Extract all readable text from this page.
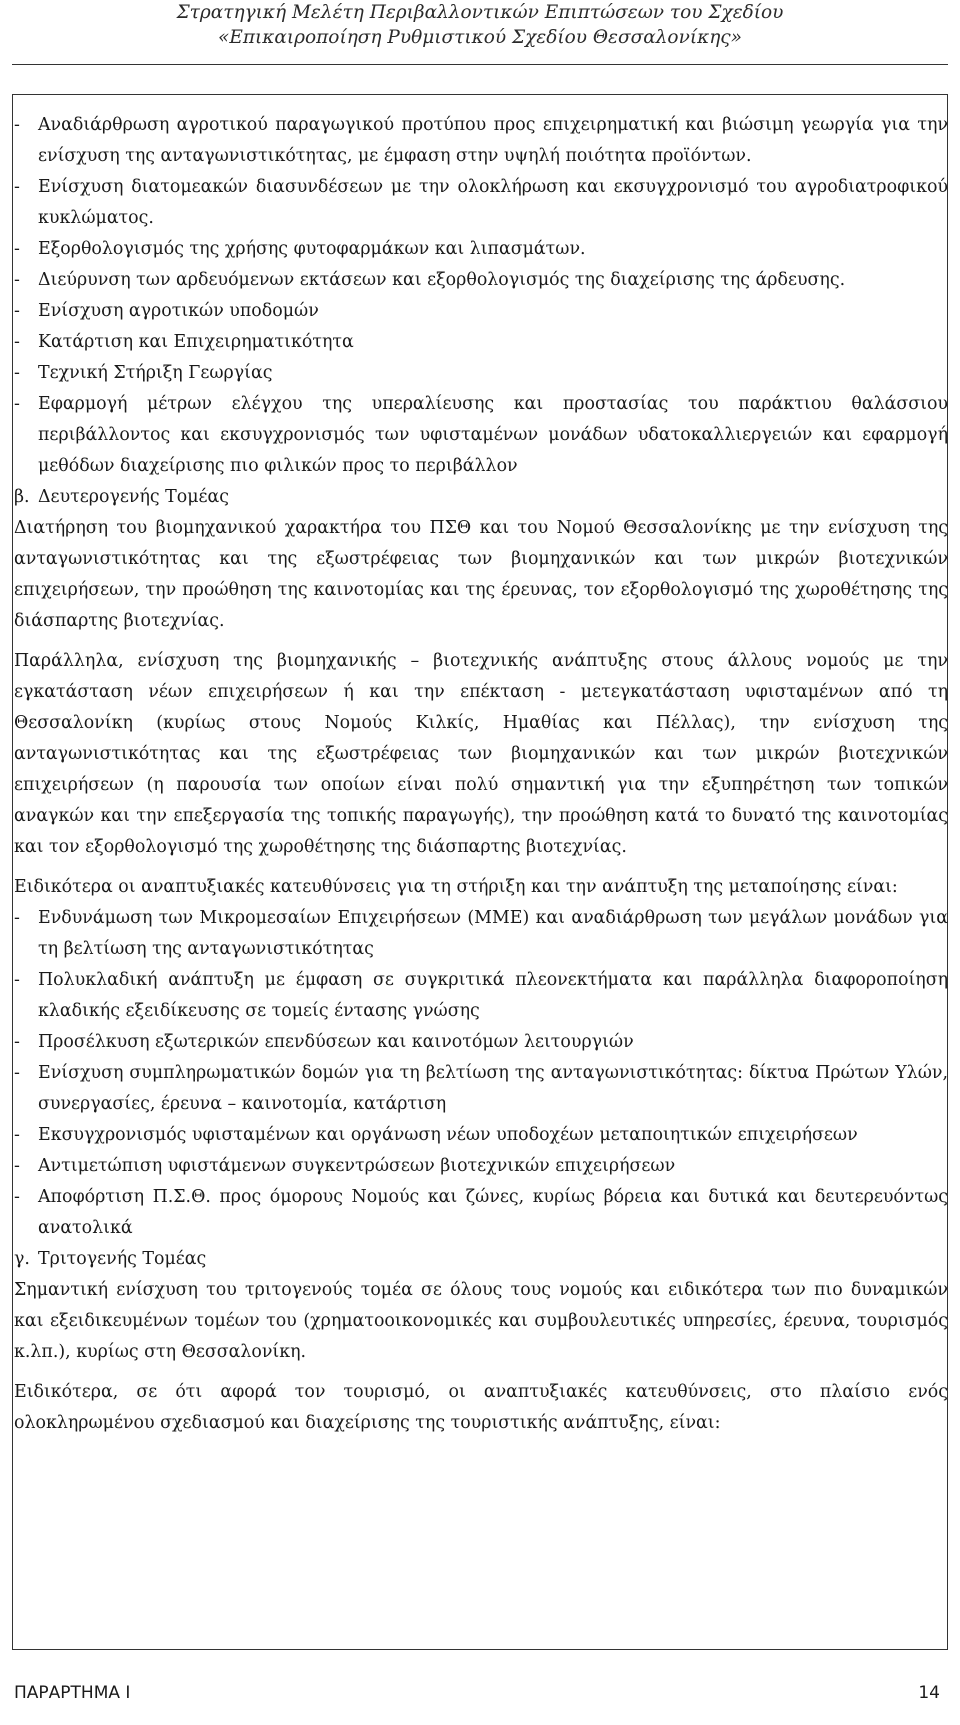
Στρατηγική Μελέτη Περιβαλλοντικών Επιπτώσεων του Σχεδίου
«Επικαιροποίηση Ρυθμιστικού Σχεδίου Θεσσαλονίκης»
-	Αναδιάρθρωση αγροτικού παραγωγικού προτύπου προς επιχειρηματική και βιώσιμη γεωργία για την ενίσχυση της ανταγωνιστικότητας, με έμφαση στην υψηλή ποιότητα προϊόντων.
-	Ενίσχυση διατομεακών διασυνδέσεων με την ολοκλήρωση και εκσυγχρονισμό του αγροδιατροφικού κυκλώματος.
-	Εξορθολογισμός της χρήσης φυτοφαρμάκων και λιπασμάτων.
-	Διεύρυνση των αρδευόμενων εκτάσεων και εξορθολογισμός της διαχείρισης της άρδευσης.
-	Ενίσχυση αγροτικών υποδομών
-	Κατάρτιση και Επιχειρηματικότητα
-	Τεχνική Στήριξη Γεωργίας
-	Εφαρμογή μέτρων ελέγχου της υπεραλίευσης και προστασίας του παράκτιου θαλάσσιου περιβάλλοντος και εκσυγχρονισμός των υφισταμένων μονάδων υδατοκαλλιεργειών και εφαρμογή μεθόδων διαχείρισης πιο φιλικών προς το περιβάλλον
β. Δευτερογενής Τομέας
Διατήρηση του βιομηχανικού χαρακτήρα του ΠΣΘ και του Νομού Θεσσαλονίκης με την ενίσχυση της ανταγωνιστικότητας και της εξωστρέφειας των βιομηχανικών και των μικρών βιοτεχνικών επιχειρήσεων, την προώθηση της καινοτομίας και της έρευνας, τον εξορθολογισμό της χωροθέτησης της διάσπαρτης βιοτεχνίας.
Παράλληλα, ενίσχυση της βιομηχανικής – βιοτεχνικής ανάπτυξης στους άλλους νομούς με την εγκατάσταση νέων επιχειρήσεων ή και την επέκταση - μετεγκατάσταση υφισταμένων από τη Θεσσαλονίκη (κυρίως στους Νομούς Κιλκίς, Ημαθίας και Πέλλας), την ενίσχυση της ανταγωνιστικότητας και της εξωστρέφειας των βιομηχανικών και των μικρών βιοτεχνικών επιχειρήσεων (η παρουσία των οποίων είναι πολύ σημαντική για την εξυπηρέτηση των τοπικών αναγκών και την επεξεργασία της τοπικής παραγωγής), την προώθηση κατά το δυνατό της καινοτομίας και τον εξορθολογισμό της χωροθέτησης της διάσπαρτης βιοτεχνίας.
Ειδικότερα οι αναπτυξιακές κατευθύνσεις για τη στήριξη και την ανάπτυξη της μεταποίησης είναι:
-	Ενδυνάμωση των Μικρομεσαίων Επιχειρήσεων (ΜΜΕ) και αναδιάρθρωση των μεγάλων μονάδων για τη βελτίωση της ανταγωνιστικότητας
-	Πολυκλαδική ανάπτυξη με έμφαση σε συγκριτικά πλεονεκτήματα και παράλληλα διαφοροποίηση κλαδικής εξειδίκευσης σε τομείς έντασης γνώσης
-	Προσέλκυση εξωτερικών επενδύσεων και καινοτόμων λειτουργιών
-	Ενίσχυση συμπληρωματικών δομών για τη βελτίωση της ανταγωνιστικότητας: δίκτυα Πρώτων Υλών, συνεργασίες, έρευνα – καινοτομία, κατάρτιση
-	Εκσυγχρονισμός υφισταμένων και οργάνωση νέων υποδοχέων μεταποιητικών επιχειρήσεων
-	Αντιμετώπιση υφιστάμενων συγκεντρώσεων βιοτεχνικών επιχειρήσεων
-	Αποφόρτιση Π.Σ.Θ. προς όμορους Νομούς και ζώνες, κυρίως βόρεια και δυτικά και δευτερευόντως ανατολικά
γ. Τριτογενής Τομέας
Σημαντική ενίσχυση του τριτογενούς τομέα σε όλους τους νομούς και ειδικότερα των πιο δυναμικών και εξειδικευμένων τομέων του (χρηματοοικονομικές και συμβουλευτικές υπηρεσίες, έρευνα, τουρισμός κ.λπ.), κυρίως στη Θεσσαλονίκη.
Ειδικότερα, σε ότι αφορά τον τουρισμό, οι αναπτυξιακές κατευθύνσεις, στο πλαίσιο ενός ολοκληρωμένου σχεδιασμού και διαχείρισης της τουριστικής ανάπτυξης, είναι:
ΠΑΡΑΡΤΗΜΑ Ι	14
